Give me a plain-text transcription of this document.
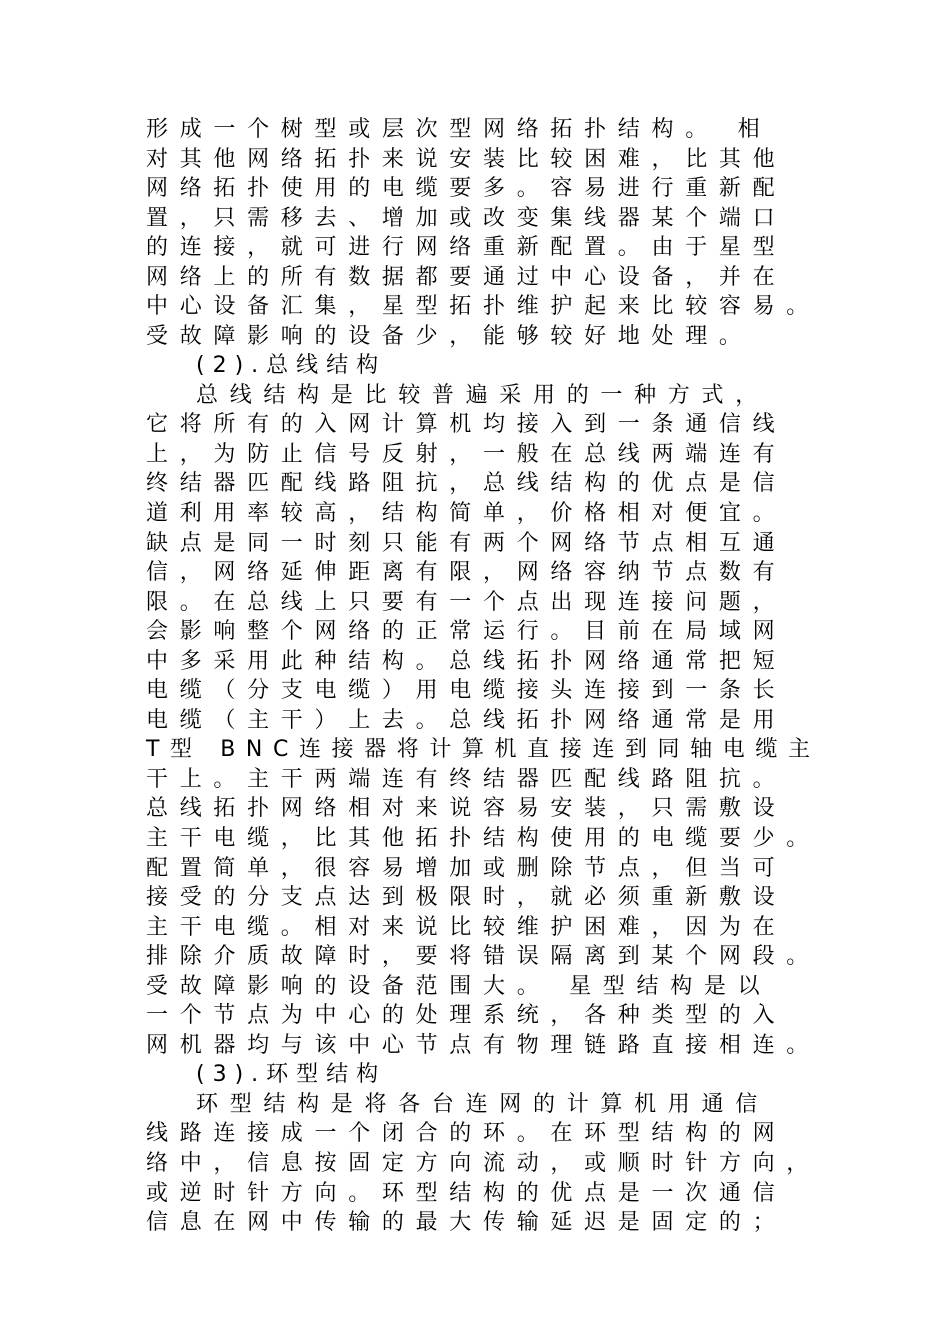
形成一个树型或层次型网络拓扑结构。 相
对其他网络拓扑来说安装比较困难，比其他
网络拓扑使用的电缆要多。容易进行重新配
置，只需移去、增加或改变集线器某个端口
的连接，就可进行网络重新配置。由于星型
网络上的所有数据都要通过中心设备，并在
中心设备汇集，星型拓扑维护起来比较容易。
受故障影响的设备少，能够较好地处理。
(2).总线结构
总线结构是比较普遍采用的一种方式，
它将所有的入网计算机均接入到一条通信线
上，为防止信号反射，一般在总线两端连有
终结器匹配线路阻抗，总线结构的优点是信
道利用率较高，结构简单，价格相对便宜。
缺点是同一时刻只能有两个网络节点相互通
信，网络延伸距离有限，网络容纳节点数有
限。在总线上只要有一个点出现连接问题，
会影响整个网络的正常运行。目前在局域网
中多采用此种结构。总线拓扑网络通常把短
电缆（分支电缆）用电缆接头连接到一条长
电缆（主干）上去。总线拓扑网络通常是用
T型 BNC连接器将计算机直接连到同轴电缆主
干上。主干两端连有终结器匹配线路阻抗。
总线拓扑网络相对来说容易安装，只需敷设
主干电缆，比其他拓扑结构使用的电缆要少。
配置简单，很容易增加或删除节点，但当可
接受的分支点达到极限时，就必须重新敷设
主干电缆。相对来说比较维护困难，因为在
排除介质故障时，要将错误隔离到某个网段。
受故障影响的设备范围大。 星型结构是以
一个节点为中心的处理系统，各种类型的入
网机器均与该中心节点有物理链路直接相连。
(3).环型结构
环型结构是将各台连网的计算机用通信
线路连接成一个闭合的环。在环型结构的网
络中，信息按固定方向流动，或顺时针方向，
或逆时针方向。环型结构的优点是一次通信
信息在网中传输的最大传输延迟是固定的；
